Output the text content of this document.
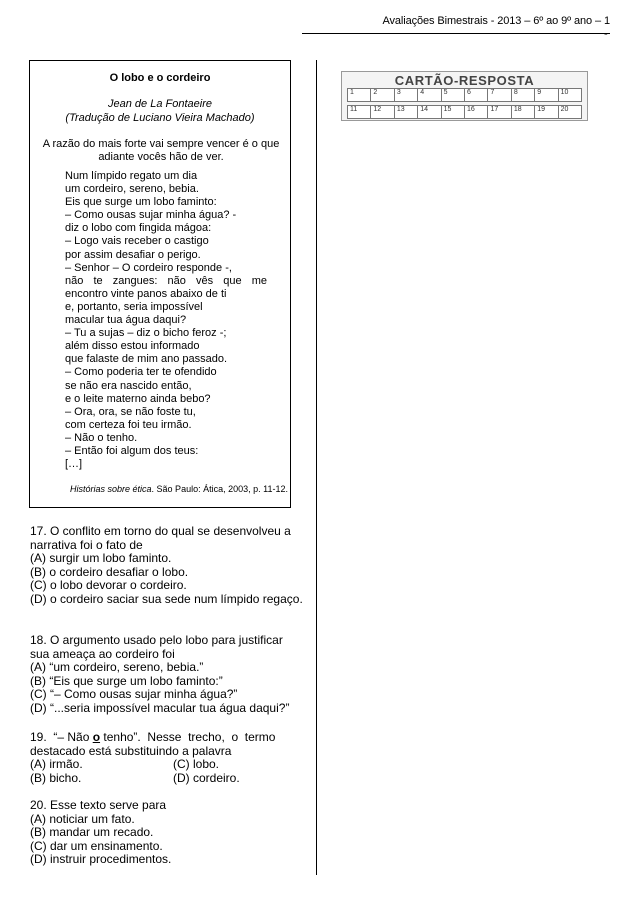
Avaliações Bimestrais - 2013 – 6º ao 9º ano – 1
-
O lobo e o cordeiro
Jean de La Fontaeire
(Tradução de Luciano Vieira Machado)
A razão do mais forte vai sempre vencer é o que adiante vocês hão de ver.
Num límpido regato um dia
um cordeiro, sereno, bebia.
Eis que surge um lobo faminto:
– Como ousas sujar minha água? -
diz o lobo com fingida mágoa:
– Logo vais receber o castigo
por assim desafiar o perigo.
– Senhor – O cordeiro responde -,
não te zangues: não vês que me
encontro vinte panos abaixo de ti
e, portanto, seria impossível
macular tua água daqui?
– Tu a sujas – diz o bicho feroz -;
além disso estou informado
que falaste de mim ano passado.
– Como poderia ter te ofendido
se não era nascido então,
e o leite materno ainda bebo?
– Ora, ora, se não foste tu,
com certeza foi teu irmão.
– Não o tenho.
– Então foi algum dos teus:
[…]
Histórias sobre ética. São Paulo: Ática, 2003, p. 11-12.
CARTÃO-RESPOSTA
1	2	3	4	5	6	7	8	9	10
11	12	13	14	15	16	17	18	19	20
17. O conflito em torno do qual se desenvolveu a
narrativa foi o fato de
(A) surgir um lobo faminto.
(B) o cordeiro desafiar o lobo.
(C) o lobo devorar o cordeiro.
(D) o cordeiro saciar sua sede num límpido regaço.
18. O argumento usado pelo lobo para justificar
sua ameaça ao cordeiro foi
(A) “um cordeiro, sereno, bebia.”
(B) “Eis que surge um lobo faminto:”
(C) “– Como ousas sujar minha água?”
(D) “...seria impossível macular tua água daqui?”
19.  “– Não o tenho”.  Nesse  trecho,  o  termo
destacado está substituindo a palavra
(A) irmão.	(C) lobo.
(B) bicho.	(D) cordeiro.
20. Esse texto serve para
(A) noticiar um fato.
(B) mandar um recado.
(C) dar um ensinamento.
(D) instruir procedimentos.
